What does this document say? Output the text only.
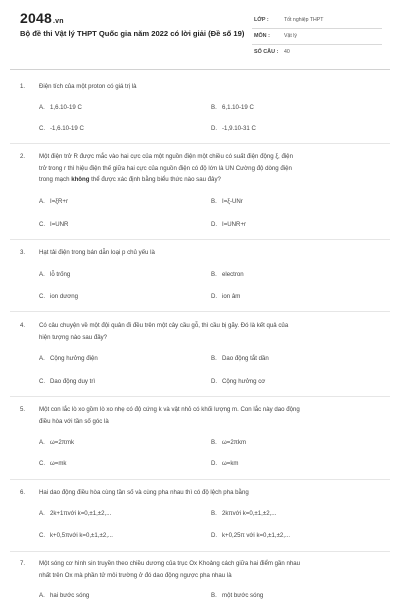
2048.vn
Bộ đề thi Vật lý THPT Quốc gia năm 2022 có lời giải (Đề số 19)
LỚP :	Tốt nghiệp THPT
MÔN :	Vật lý
SỐ CÂU : 40
1. Điện tích của một proton có giá trị là
A. 1,6.10-19 C	B. 6,1.10-19 C
C. -1,6.10-19 C	D. -1,9.10-31 C
2. Một điện trở R được mắc vào hai cực của một nguồn điện một chiều có suất điện động ξ, điện
trở trong r thì hiệu điện thế giữa hai cực của nguồn điện có độ lớn là UN Cường độ dòng điện
trong mạch không thể được xác định bằng biểu thức nào sau đây?
A. I=ξR+r	B. I=ξ-UNr
C. I=UNR	D. I=UNR+r
3. Hạt tải điện trong bán dẫn loại p chủ yếu là
A. lỗ trống	B. electron
C. ion dương	D. ion âm
4. Có câu chuyện về một đội quân đi đều trên một cây cầu gỗ, thì cầu bị gãy. Đó là kết quả của
hiện tượng nào sau đây?
A. Cộng hưởng điện	B. Dao động tắt dần
C. Dao động duy trì	D. Cộng hưởng cơ
5. Một con lắc lò xo gồm lò xo nhẹ có độ cứng k và vật nhỏ có khối lượng m. Con lắc này dao động
điều hòa với tần số góc là
A. ω=2πmk	B. ω=2πkm
C. ω=mk	D. ω=km
6. Hai dao động điều hòa cùng tần số và cùng pha nhau thì có độ lệch pha bằng
A. 2k+1πvới k=0,±1,±2,...	B. 2kπvới k=0,±1,±2,...
C. k+0,5πvới k=0,±1,±2,...	D. k+0,25π với k=0,±1,±2,...
7. Một sóng cơ hình sin truyền theo chiều dương của trục Ox Khoảng cách giữa hai điểm gần nhau
nhất trên Ox mà phần tử môi trường ở đó dao động ngược pha nhau là
A. hai bước sóng	B. một bước sóng
